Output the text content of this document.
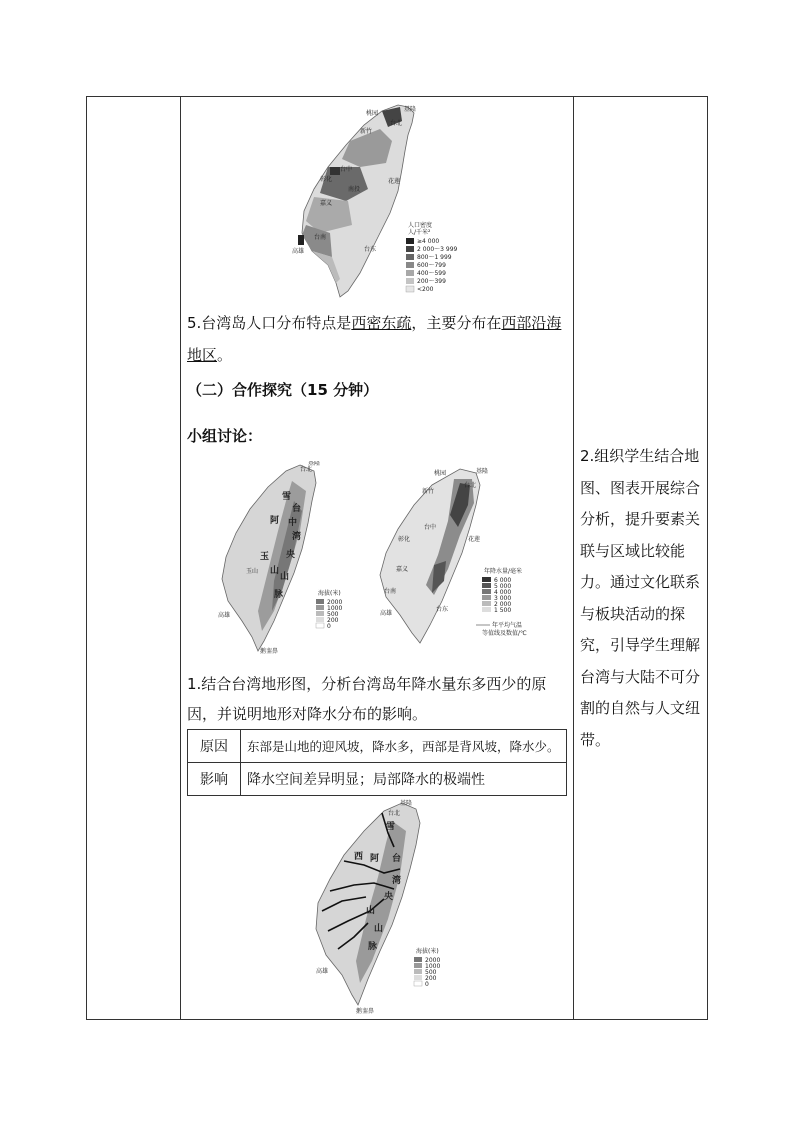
人口密度
人/千米²
≥4 000
2 000～3 999
800～1 999
600～799
400～599
200～399
<200
基隆
台北
桃园
新竹
台中
彰化
南投
花莲
嘉义
台南
高雄	台东
5.台湾岛人口分布特点是西密东疏，主要分布在西部沿海地区。
（二）合作探究（15 分钟）
小组讨论：
雪
阿 中
台
湾
央
玉
山
山
脉
台北
基隆
高雄
鹅銮鼻
玉山
海拔(米)
2000
1000
500
200
0
基隆
台北
桃园
新竹
台中
彰化	花莲
嘉义
台南
高雄
台东
年降水量/毫米
6 000
5 000
4 000
3 000
2 000
1 500
年平均气温
等值线及数值/℃
1.结合台湾地形图，分析台湾岛年降水量东多西少的原因，并说明地形对降水分布的影响。
原因	东部是山地的迎风坡，降水多，西部是背风坡，降水少。
影响	降水空间差异明显；局部降水的极端性
雪
西 阿 台
湾
央
山
山
脉
基隆
台北
高雄
鹅銮鼻
海拔(米)
2000
1000
500
200
0
2.组织学生结合地图、图表开展综合分析，提升要素关联与区域比较能力。通过文化联系与板块活动的探究，引导学生理解台湾与大陆不可分割的自然与人文纽带。
